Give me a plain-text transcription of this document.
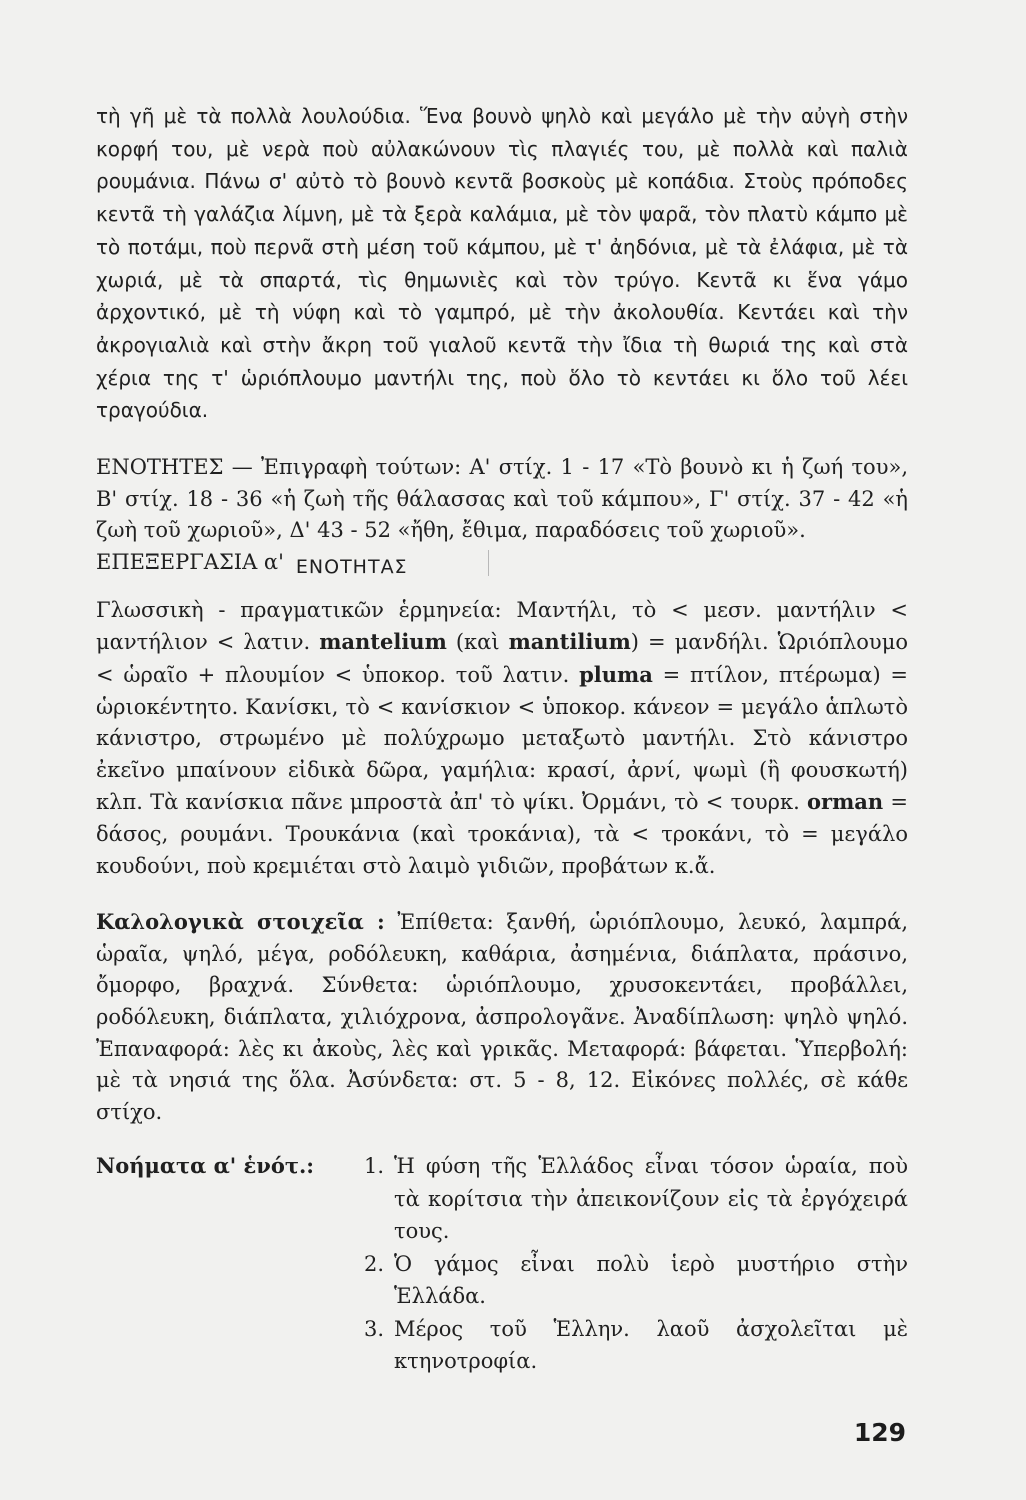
τὴ γῆ μὲ τὰ πολλὰ λουλούδια. Ἕνα βουνὸ ψηλὸ καὶ μεγάλο μὲ τὴν αὐγὴ στὴν κορφή του, μὲ νερὰ ποὺ αὐλακώνουν τὶς πλαγιές του, μὲ πολλὰ καὶ παλιὰ ρουμάνια. Πάνω σ' αὐτὸ τὸ βουνὸ κεντᾶ βοσκοὺς μὲ κοπάδια. Στοὺς πρόποδες κεντᾶ τὴ γαλάζια λίμνη, μὲ τὰ ξερὰ καλάμια, μὲ τὸν ψαρᾶ, τὸν πλατὺ κάμπο μὲ τὸ ποτάμι, ποὺ περνᾶ στὴ μέση τοῦ κάμπου, μὲ τ' ἀηδόνια, μὲ τὰ ἐλάφια, μὲ τὰ χωριά, μὲ τὰ σπαρτά, τὶς θημωνιὲς καὶ τὸν τρύγο. Κεντᾶ κι ἕνα γάμο ἀρχοντικό, μὲ τὴ νύφη καὶ τὸ γαμπρό, μὲ τὴν ἀκολουθία. Κεντάει καὶ τὴν ἀκρογιαλιὰ καὶ στὴν ἄκρη τοῦ γιαλοῦ κεντᾶ τὴν ἴδια τὴ θωριά της καὶ στὰ χέρια της τ' ὡριόπλουμο μαντήλι της, ποὺ ὅλο τὸ κεντάει κι ὅλο τοῦ λέει τραγούδια.

ΕΝΟΤΗΤΕΣ — Ἐπιγραφὴ τούτων: Α' στίχ. 1 - 17 «Τὸ βουνὸ κι ἡ ζωή του», Β' στίχ. 18 - 36 «ἡ ζωὴ τῆς θάλασσας καὶ τοῦ κάμπου», Γ' στίχ. 37 - 42 «ἡ ζωὴ τοῦ χωριοῦ», Δ' 43 - 52 «ἤθη, ἔθιμα, παραδόσεις τοῦ χωριοῦ».

ΕΠΕΞΕΡΓΑΣΙΑ α' ΕΝΟΤΗΤΑΣ

Γλωσσικὴ - πραγματικῶν ἑρμηνεία: Μαντήλι, τὸ < μεσν. μαντήλιν < μαντήλιον < λατιν. mantelium (καὶ mantilium) = μανδήλι. Ὡριόπλουμο < ὡραῖο + πλουμίον < ὑποκορ. τοῦ λατιν. pluma = πτίλον, πτέρωμα) = ὡριοκέντητο. Κανίσκι, τὸ < κανίσκιον < ὑποκορ. κάνεον = μεγάλο ἁπλωτὸ κάνιστρο, στρωμένο μὲ πολύχρωμο μεταξωτὸ μαντήλι. Στὸ κάνιστρο ἐκεῖνο μπαίνουν εἰδικὰ δῶρα, γαμήλια: κρασί, ἀρνί, ψωμὶ (ἢ φουσκωτή) κλπ. Τὰ κανίσκια πᾶνε μπροστὰ ἀπ' τὸ ψίκι. Ὀρμάνι, τὸ < τουρκ. orman = δάσος, ρουμάνι. Τρουκάνια (καὶ τροκάνια), τὰ < τροκάνι, τὸ = μεγάλο κουδούνι, ποὺ κρεμιέται στὸ λαιμὸ γιδιῶν, προβάτων κ.ἄ.

Καλολογικὰ στοιχεῖα : Ἐπίθετα: ξανθή, ὡριόπλουμο, λευκό, λαμπρά, ὡραῖα, ψηλό, μέγα, ροδόλευκη, καθάρια, ἀσημένια, διάπλατα, πράσινο, ὄμορφο, βραχνά. Σύνθετα: ὡριόπλουμο, χρυσοκεντάει, προβάλλει, ροδόλευκη, διάπλατα, χιλιόχρονα, ἀσπρολογᾶνε. Ἀναδίπλωση: ψηλὸ ψηλό. Ἐπαναφορά: λὲς κι ἀκοὺς, λὲς καὶ γρικᾶς. Μεταφορά: βάφεται. Ὑπερβολή: μὲ τὰ νησιά της ὅλα. Ἀσύνδετα: στ. 5 - 8, 12. Εἰκόνες πολλές, σὲ κάθε στίχο.

Νοήματα α' ἑνότ.:	1. Ἡ φύση τῆς Ἑλλάδος εἶναι τόσον ὡραία, ποὺ τὰ κορίτσια τὴν ἀπεικονίζουν εἰς τὰ ἐργόχειρά τους.
2. Ὁ γάμος εἶναι πολὺ ἱερὸ μυστήριο στὴν Ἑλλάδα.
3. Μέρος τοῦ Ἑλλην. λαοῦ ἀσχολεῖται μὲ κτηνοτροφία.
129
